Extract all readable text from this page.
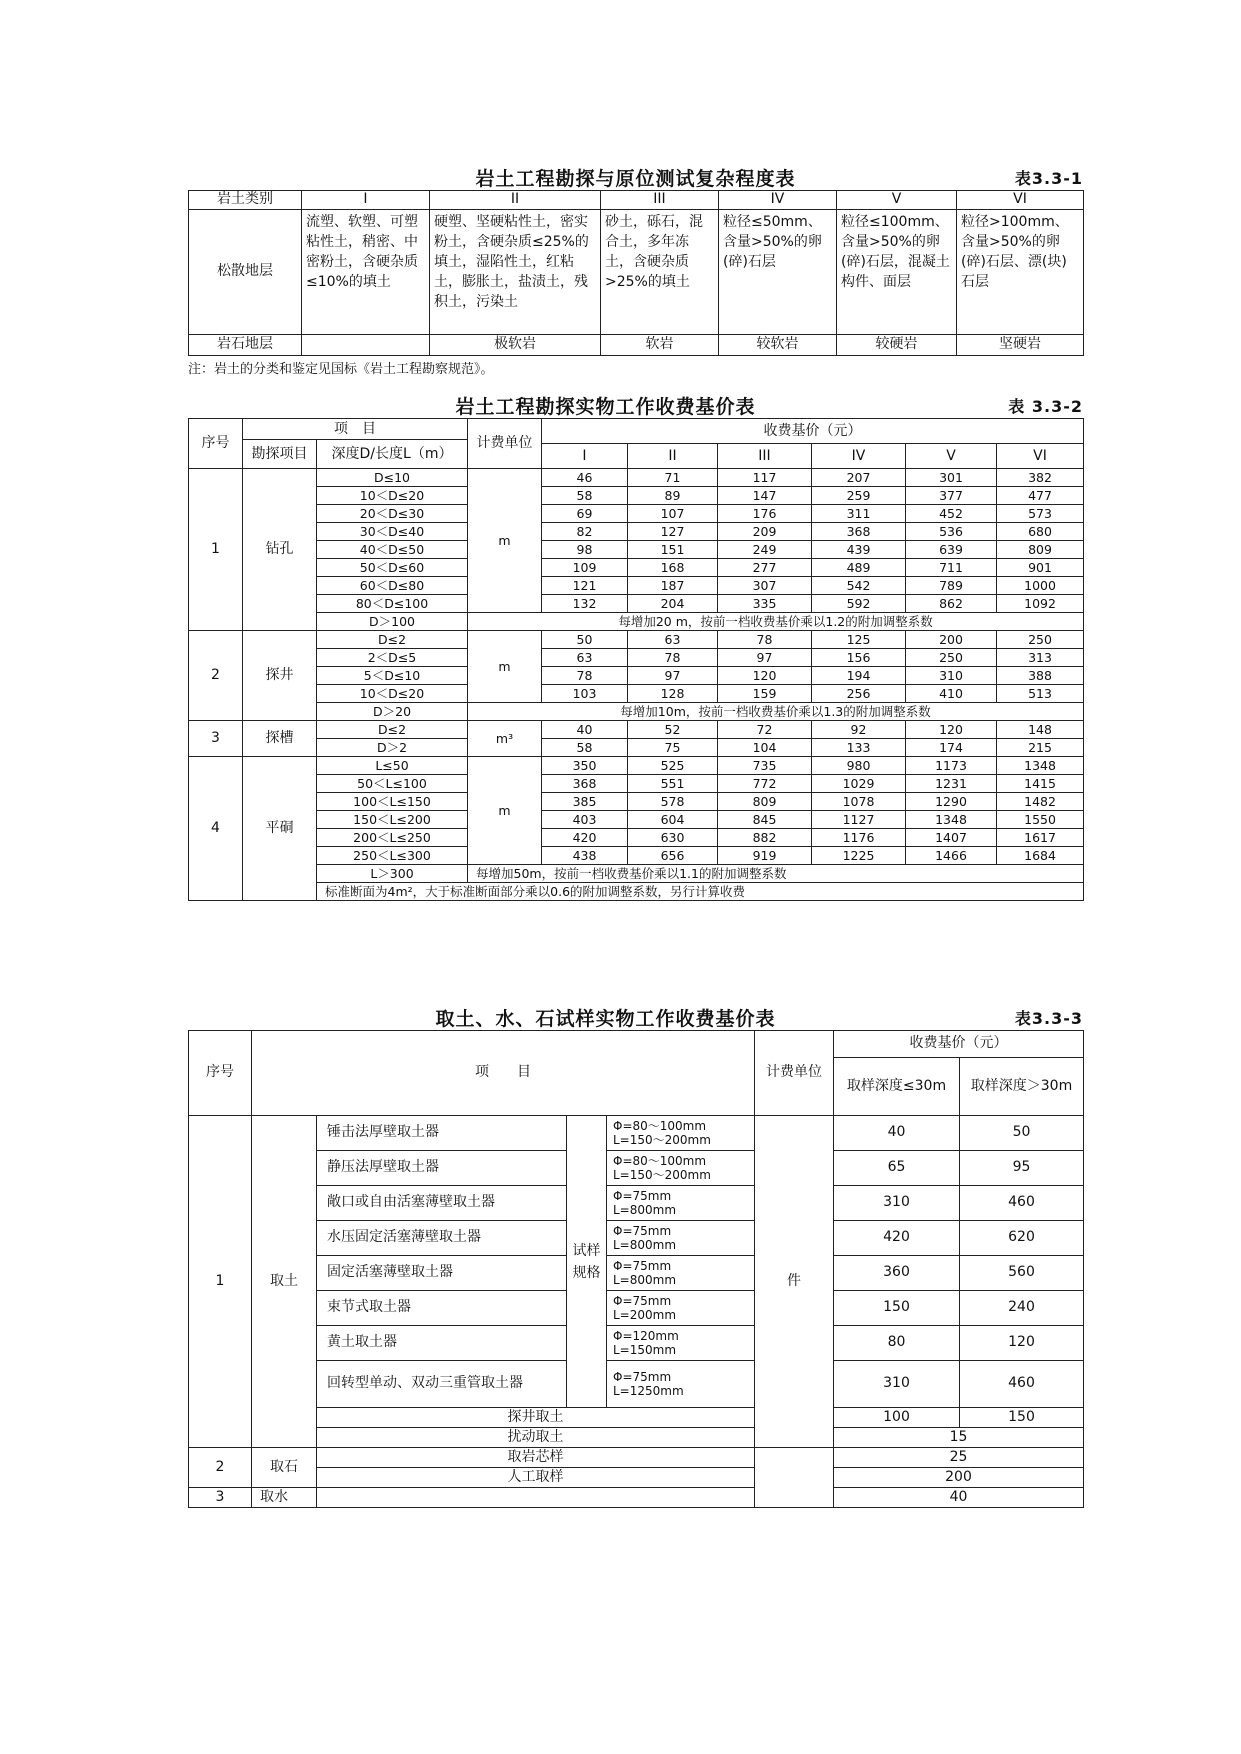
岩土工程勘探与原位测试复杂程度表	表3.3-1
岩土类别	I	II	III	IV	V	VI
松散地层	流塑、软塑、可塑粘性土，稍密、中密粉土，含硬杂质≤10%的填土	硬塑、坚硬粘性土，密实粉土，含硬杂质≤25%的填土，湿陷性土，红粘土，膨胀土，盐渍土，残积土，污染土	砂土，砾石，混合土，多年冻土，含硬杂质>25%的填土	粒径≤50mm、含量>50%的卵(碎)石层	粒径≤100mm、含量>50%的卵(碎)石层，混凝土构件、面层	粒径>100mm、含量>50%的卵(碎)石层、漂(块)石层
岩石地层		极软岩	软岩	较软岩	较硬岩	坚硬岩
注：岩土的分类和鉴定见国标《岩土工程勘察规范》。
岩土工程勘探实物工作收费基价表	表 3.3-2
序号	项　目		计费单位	收费基价（元）					
	勘探项目	深度D/长度L（m）							
				I	II	III	IV	V	VI
1	钻孔	D≤10	m	46	71	117	207	301	382
		10＜D≤20		58	89	147	259	377	477
		20＜D≤30		69	107	176	311	452	573
		30＜D≤40		82	127	209	368	536	680
		40＜D≤50		98	151	249	439	639	809
		50＜D≤60		109	168	277	489	711	901
		60＜D≤80		121	187	307	542	789	1000
		80＜D≤100		132	204	335	592	862	1092
		D＞100	每增加20 m，按前一档收费基价乘以1.2的附加调整系数						
2	探井	D≤2	m	50	63	78	125	200	250
		2＜D≤5		63	78	97	156	250	313
		5＜D≤10		78	97	120	194	310	388
		10＜D≤20		103	128	159	256	410	513
		D＞20	每增加10m，按前一档收费基价乘以1.3的附加调整系数						
3	探槽	D≤2	m³	40	52	72	92	120	148
		D＞2		58	75	104	133	174	215
4	平硐	L≤50	m	350	525	735	980	1173	1348
		50＜L≤100		368	551	772	1029	1231	1415
		100＜L≤150		385	578	809	1078	1290	1482
		150＜L≤200		403	604	845	1127	1348	1550
		200＜L≤250		420	630	882	1176	1407	1617
		250＜L≤300		438	656	919	1225	1466	1684
		L＞300	每增加50m，按前一档收费基价乘以1.1的附加调整系数						
		标准断面为4m²，大于标准断面部分乘以0.6的附加调整系数，另行计算收费							
取土、水、石试样实物工作收费基价表	表3.3-3
序号	项　　目				计费单位	收费基价（元）	
						取样深度≤30m	取样深度＞30m
1	取土	锤击法厚壁取土器	试样规格	Φ=80～100mm
L=150～200mm	件	40	50
		静压法厚壁取土器		Φ=80～100mm
L=150～200mm		65	95
		敞口或自由活塞薄壁取土器		Φ=75mm
L=800mm		310	460
		水压固定活塞薄壁取土器		Φ=75mm
L=800mm		420	620
		固定活塞薄壁取土器		Φ=75mm
L=800mm		360	560
		束节式取土器		Φ=75mm
L=200mm		150	240
		黄土取土器		Φ=120mm
L=150mm		80	120
		回转型单动、双动三重管取土器		Φ=75mm
L=1250mm		310	460
		探井取土				100	150
		扰动取土				15	
2	取石	取岩芯样				25	
		人工取样				200	
3	取水					40	
